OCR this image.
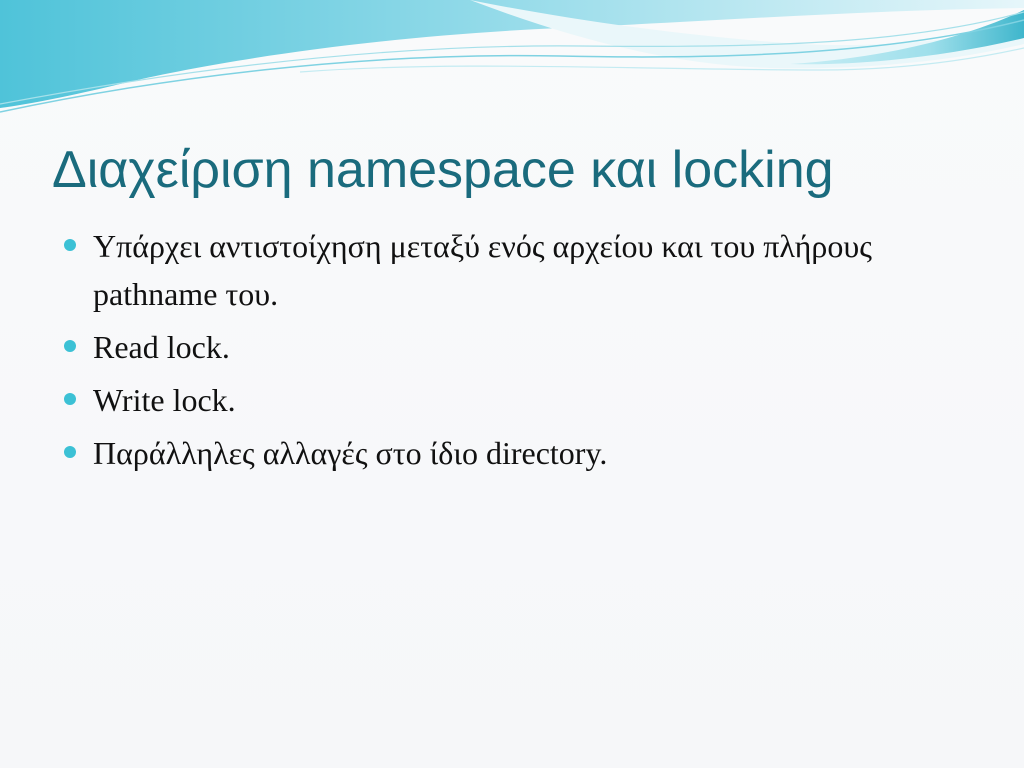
Διαχείριση namespace και locking
Υπάρχει αντιστοίχηση μεταξύ ενός αρχείου και του πλήρους pathname του.
Read lock.
Write lock.
Παράλληλες αλλαγές στο ίδιο directory.
